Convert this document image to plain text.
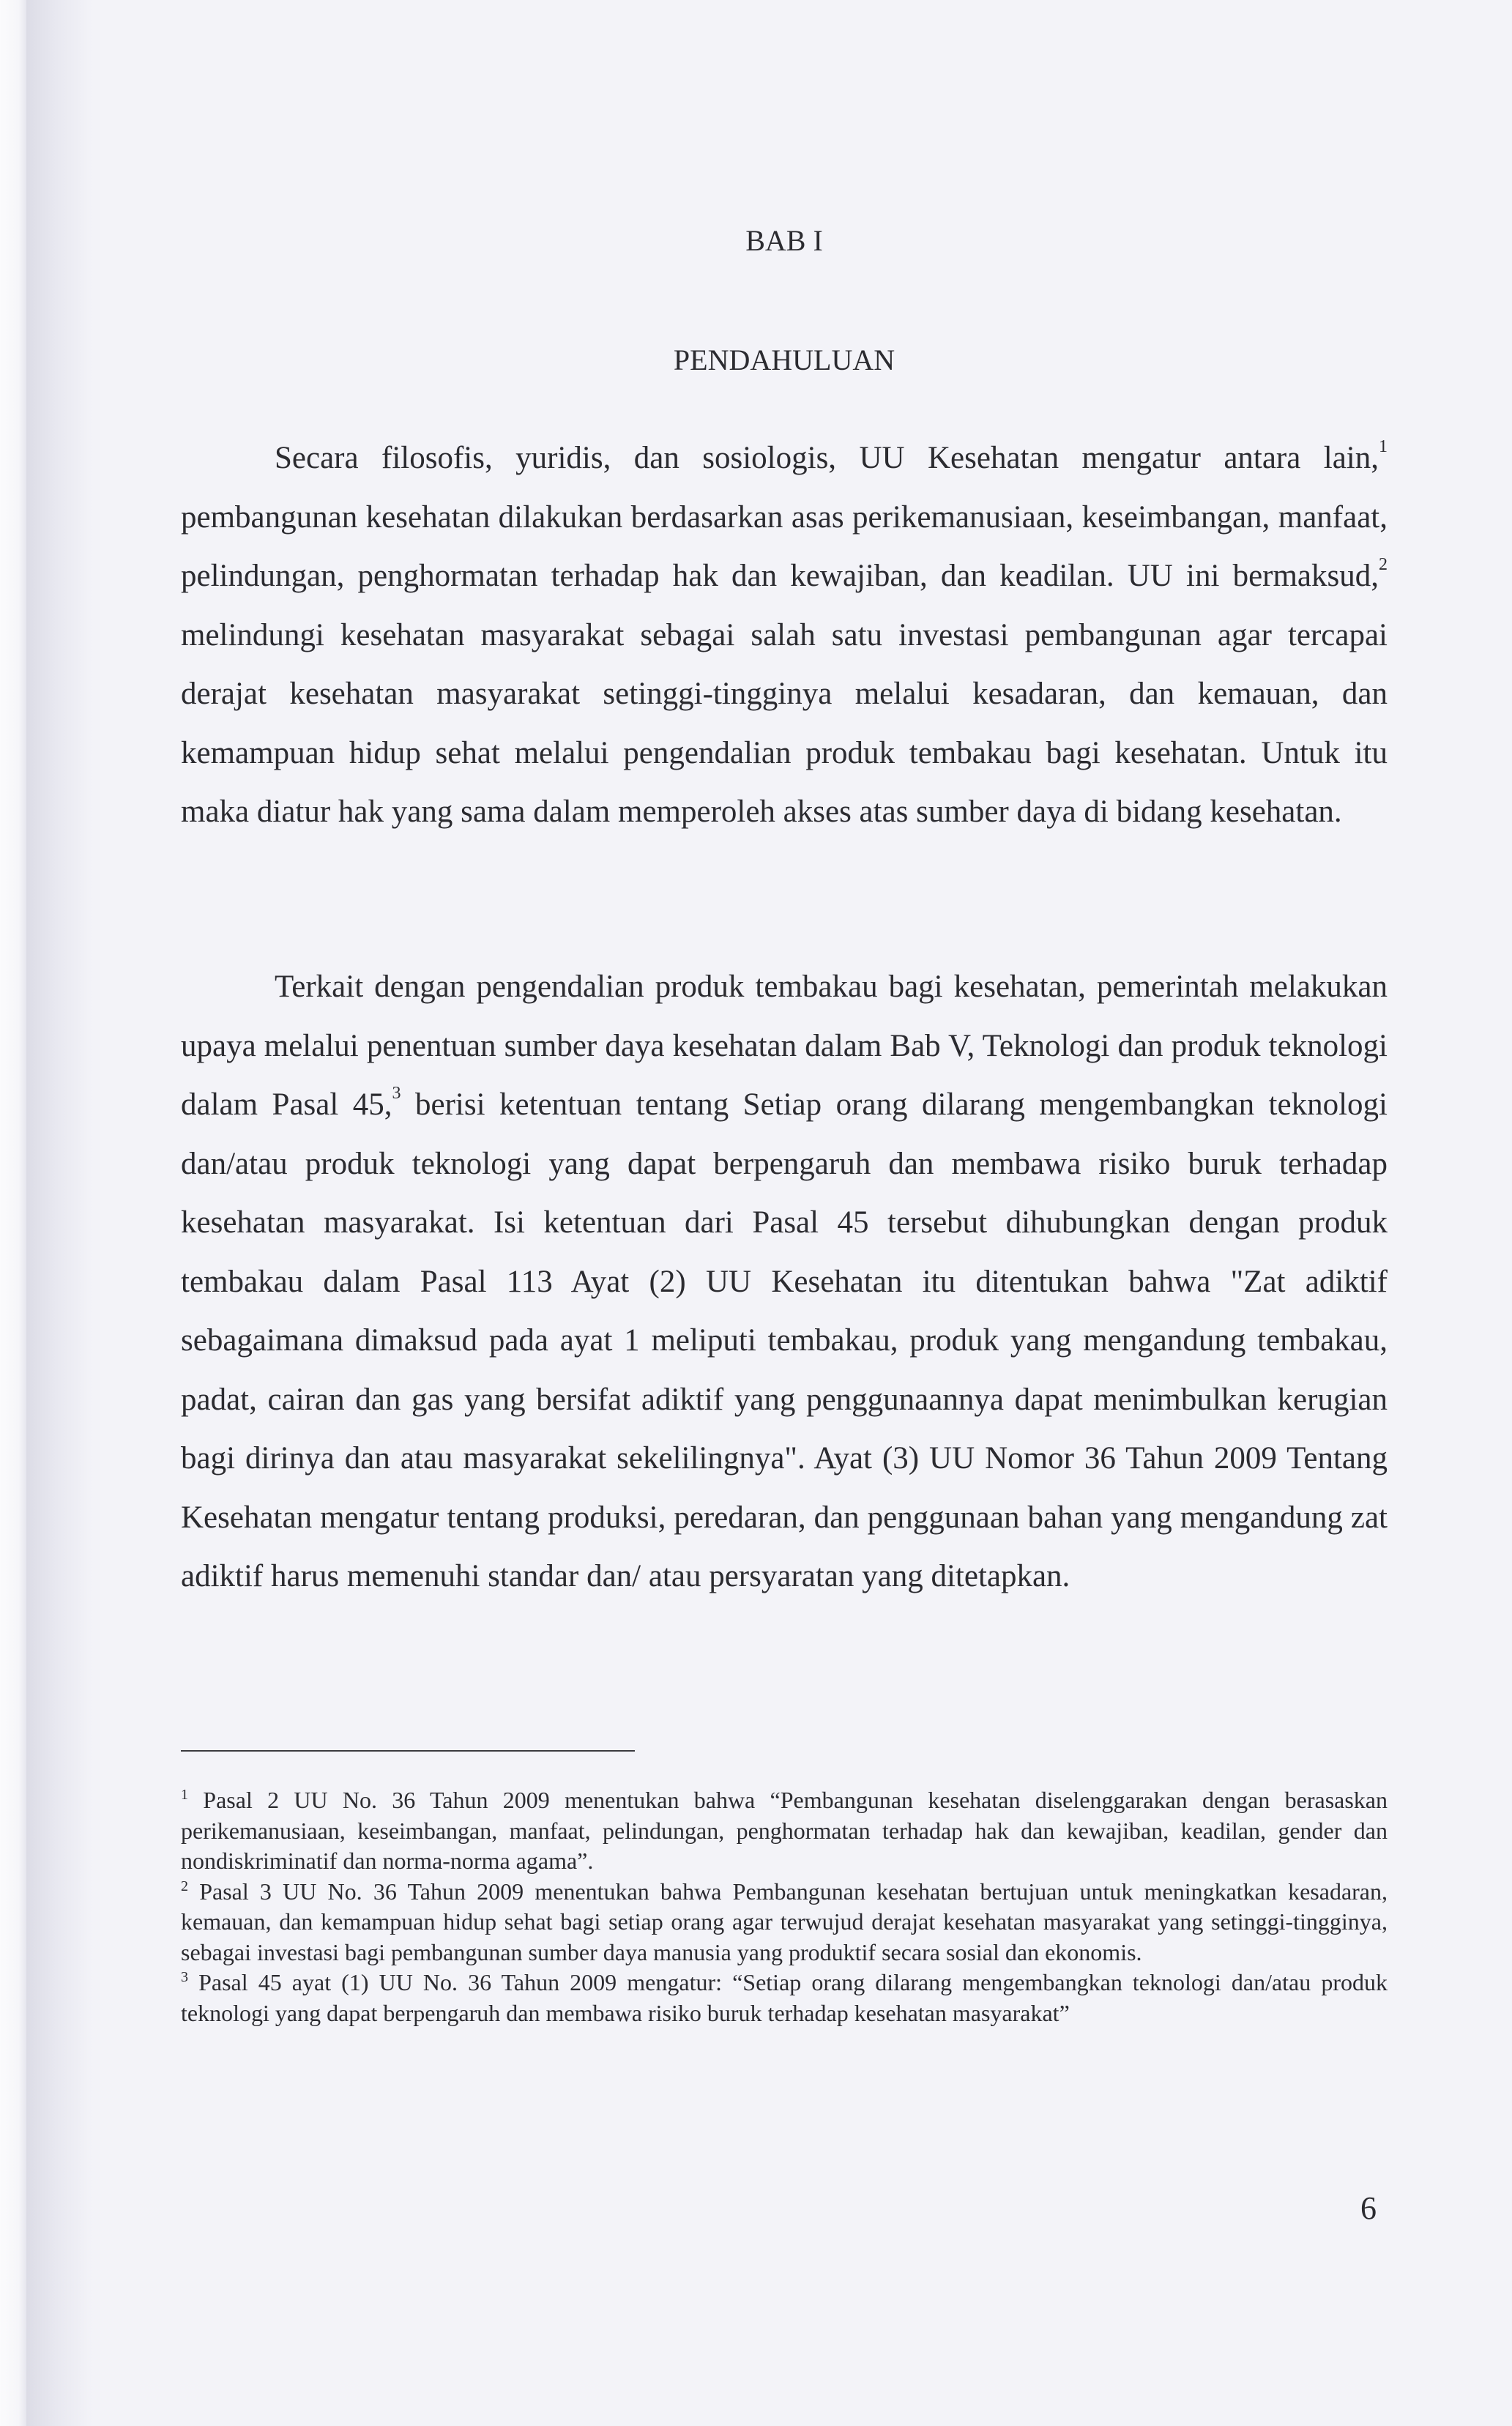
BAB I
PENDAHULUAN

Secara filosofis, yuridis, dan sosiologis, UU Kesehatan mengatur antara lain,$^1$ pembangunan kesehatan dilakukan berdasarkan asas perikemanusiaan, keseimbangan, manfaat, pelindungan, penghormatan terhadap hak dan kewajiban, dan keadilan. UU ini bermaksud,$^2$ melindungi kesehatan masyarakat sebagai salah satu investasi pembangunan agar tercapai derajat kesehatan masyarakat setinggi-tingginya melalui kesadaran, dan kemauan, dan kemampuan hidup sehat melalui pengendalian produk tembakau bagi kesehatan. Untuk itu maka diatur hak yang sama dalam memperoleh akses atas sumber daya di bidang kesehatan.

Terkait dengan pengendalian produk tembakau bagi kesehatan, pemerintah melakukan upaya melalui penentuan sumber daya kesehatan dalam Bab V, Teknologi dan produk teknologi dalam Pasal 45,$^3$ berisi ketentuan tentang Setiap orang dilarang mengembangkan teknologi dan/atau produk teknologi yang dapat berpengaruh dan membawa risiko buruk terhadap kesehatan masyarakat. Isi ketentuan dari Pasal 45 tersebut dihubungkan dengan produk tembakau dalam Pasal 113 Ayat (2) UU Kesehatan itu ditentukan bahwa "Zat adiktif sebagaimana dimaksud pada ayat 1 meliputi tembakau, produk yang mengandung tembakau, padat, cairan dan gas yang bersifat adiktif yang penggunaannya dapat menimbulkan kerugian bagi dirinya dan atau masyarakat sekelilingnya". Ayat (3) UU Nomor 36 Tahun 2009 Tentang Kesehatan mengatur tentang produksi, peredaran, dan penggunaan bahan yang mengandung zat adiktif harus memenuhi standar dan/ atau persyaratan yang ditetapkan.

$^1$ Pasal 2 UU No. 36 Tahun 2009 menentukan bahwa “Pembangunan kesehatan diselenggarakan dengan berasaskan perikemanusiaan, keseimbangan, manfaat, pelindungan, penghormatan terhadap hak dan kewajiban, keadilan, gender dan nondiskriminatif dan norma-norma agama”.

$^2$ Pasal 3 UU No. 36 Tahun 2009 menentukan bahwa Pembangunan kesehatan bertujuan untuk meningkatkan kesadaran, kemauan, dan kemampuan hidup sehat bagi setiap orang agar terwujud derajat kesehatan masyarakat yang setinggi-tingginya, sebagai investasi bagi pembangunan sumber daya manusia yang produktif secara sosial dan ekonomis.

$^3$ Pasal 45 ayat (1) UU No. 36 Tahun 2009 mengatur: “Setiap orang dilarang mengembangkan teknologi dan/atau produk teknologi yang dapat berpengaruh dan membawa risiko buruk terhadap kesehatan masyarakat”

6
